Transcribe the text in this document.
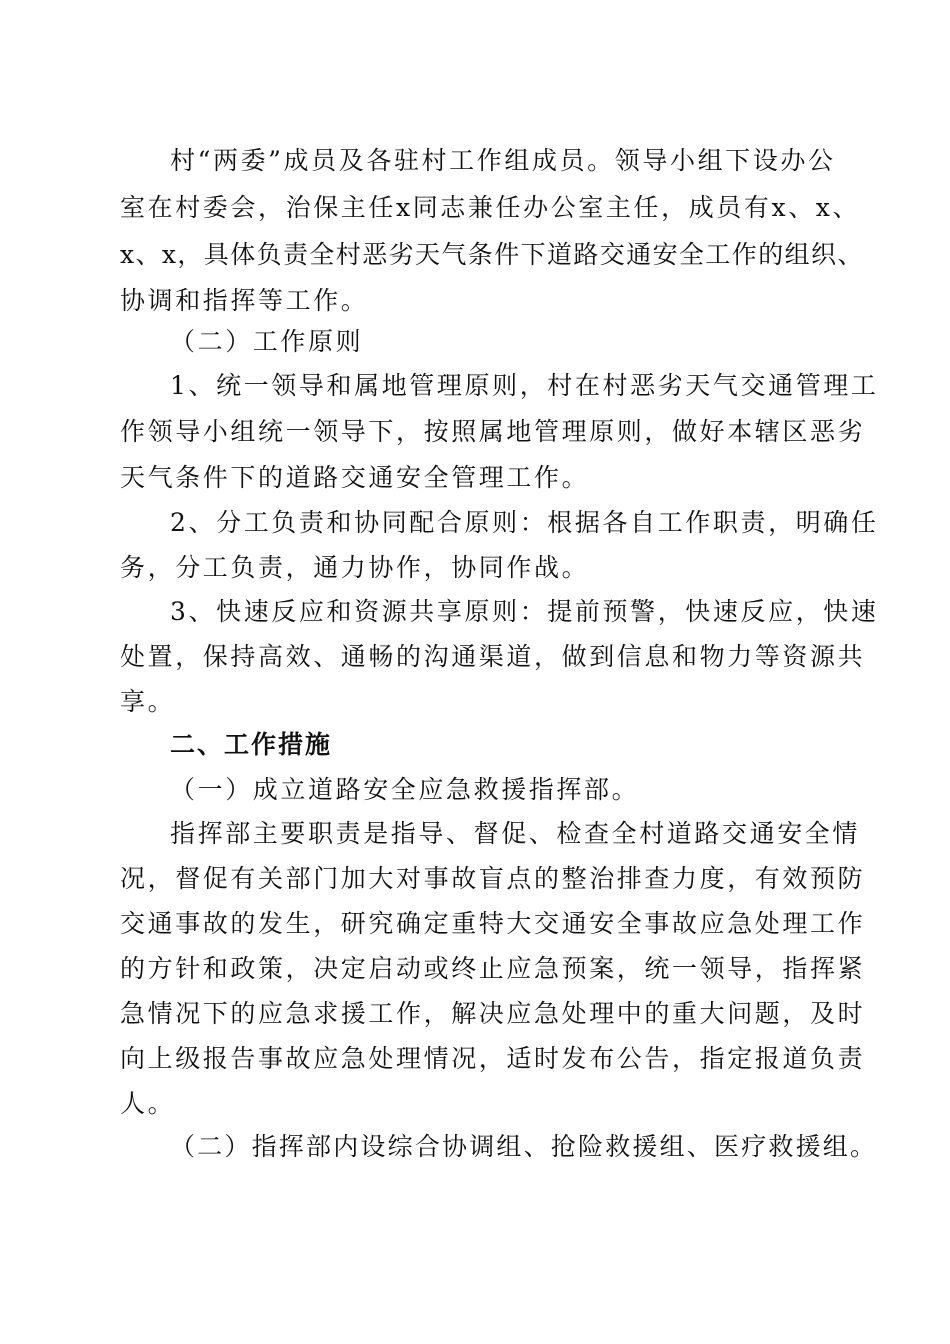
村“两委”成员及各驻村工作组成员。领导小组下设办公
室在村委会，治保主任x同志兼任办公室主任，成员有x、x、
x、x，具体负责全村恶劣天气条件下道路交通安全工作的组织、
协调和指挥等工作。
（二）工作原则
1、统一领导和属地管理原则，村在村恶劣天气交通管理工
作领导小组统一领导下，按照属地管理原则，做好本辖区恶劣
天气条件下的道路交通安全管理工作。
2、分工负责和协同配合原则：根据各自工作职责，明确任
务，分工负责，通力协作，协同作战。
3、快速反应和资源共享原则：提前预警，快速反应，快速
处置，保持高效、通畅的沟通渠道，做到信息和物力等资源共
享。
二、工作措施
（一）成立道路安全应急救援指挥部。
指挥部主要职责是指导、督促、检查全村道路交通安全情
况，督促有关部门加大对事故盲点的整治排查力度，有效预防
交通事故的发生，研究确定重特大交通安全事故应急处理工作
的方针和政策，决定启动或终止应急预案，统一领导，指挥紧
急情况下的应急求援工作，解决应急处理中的重大问题，及时
向上级报告事故应急处理情况，适时发布公告，指定报道负责
人。
（二）指挥部内设综合协调组、抢险救援组、医疗救援组。
